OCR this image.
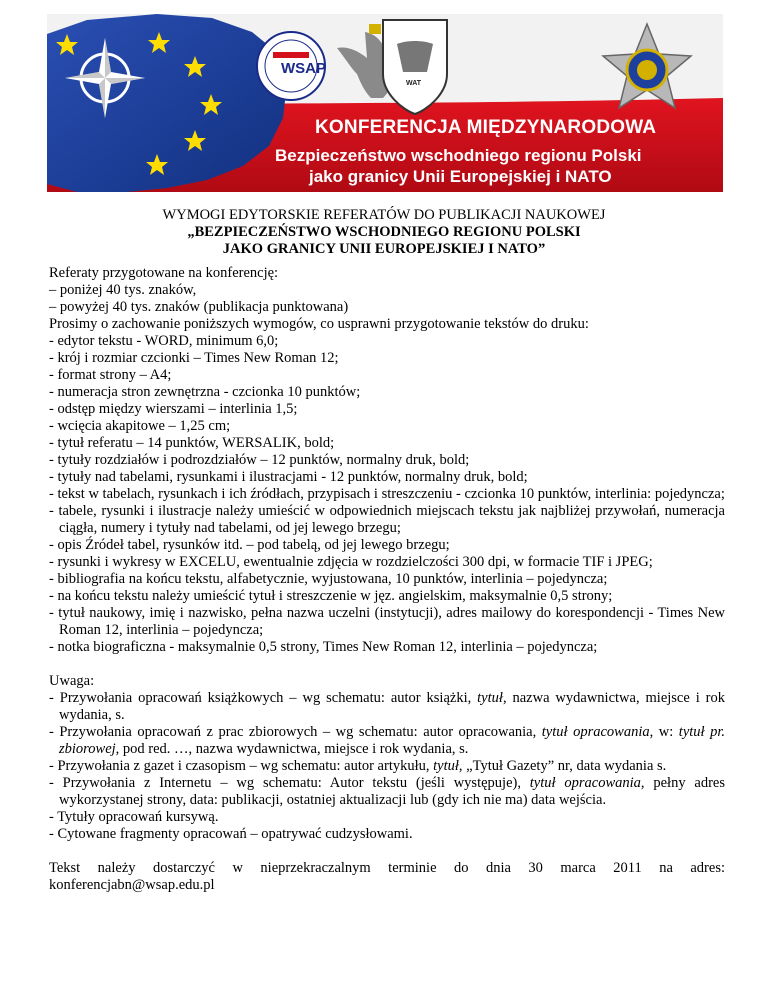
WSAP
WAT
KONFERENCJA MIĘDZYNARODOWA
Bezpieczeństwo wschodniego regionu Polski
jako granicy Unii Europejskiej i NATO
WYMOGI EDYTORSKIE REFERATÓW DO PUBLIKACJI NAUKOWEJ
„BEZPIECZEŃSTWO WSCHODNIEGO REGIONU POLSKI
JAKO GRANICY UNII EUROPEJSKIEJ I NATO”

Referaty przygotowane na konferencję:

– poniżej 40 tys. znaków,

– powyżej 40 tys. znaków (publikacja punktowana)

Prosimy o zachowanie poniższych wymogów, co usprawni przygotowanie tekstów do druku:

- edytor tekstu - WORD, minimum 6,0;

- krój i rozmiar czcionki – Times New Roman 12;

- format strony – A4;

- numeracja stron zewnętrzna - czcionka 10 punktów;

- odstęp między wierszami – interlinia 1,5;

- wcięcia akapitowe – 1,25 cm;

- tytuł referatu – 14 punktów, WERSALIK, bold;

- tytuły rozdziałów i podrozdziałów – 12 punktów, normalny druk, bold;

- tytuły nad tabelami, rysunkami i ilustracjami - 12 punktów, normalny druk, bold;

- tekst w tabelach, rysunkach i ich źródłach, przypisach i streszczeniu - czcionka 10 punktów, interlinia: pojedyncza;

- tabele, rysunki i ilustracje należy umieścić w odpowiednich miejscach tekstu jak najbliżej przywołań, numeracja ciągła, numery i tytuły nad tabelami, od jej lewego brzegu;

- opis Źródeł tabel, rysunków itd. – pod tabelą, od jej lewego brzegu;

- rysunki i wykresy w EXCELU, ewentualnie zdjęcia w rozdzielczości 300 dpi, w formacie TIF i JPEG;

- bibliografia na końcu tekstu, alfabetycznie, wyjustowana, 10 punktów, interlinia – pojedyncza;

- na końcu tekstu należy umieścić tytuł i streszczenie w jęz. angielskim, maksymalnie 0,5 strony;

- tytuł naukowy, imię i nazwisko, pełna nazwa uczelni (instytucji), adres mailowy do korespondencji - Times New Roman 12, interlinia – pojedyncza;

- notka biograficzna - maksymalnie 0,5 strony, Times New Roman 12, interlinia – pojedyncza;

Uwaga:

- Przywołania opracowań książkowych – wg schematu: autor książki, tytuł, nazwa wydawnictwa, miejsce i rok wydania, s.

- Przywołania opracowań z prac zbiorowych – wg schematu: autor opracowania, tytuł opracowania, w: tytuł pr. zbiorowej, pod red. …, nazwa wydawnictwa, miejsce i rok wydania, s.

- Przywołania z gazet i czasopism – wg schematu: autor artykułu, tytuł, „Tytuł Gazety” nr, data wydania s.

- Przywołania z Internetu – wg schematu: Autor tekstu (jeśli występuje), tytuł opracowania, pełny adres wykorzystanej strony, data: publikacji, ostatniej aktualizacji lub (gdy ich nie ma) data wejścia.

- Tytuły opracowań kursywą.

- Cytowane fragmenty opracowań – opatrywać cudzysłowami.

Tekst należy dostarczyć w nieprzekraczalnym terminie do dnia 30 marca 2011 na adres:

konferencjabn@wsap.edu.pl
